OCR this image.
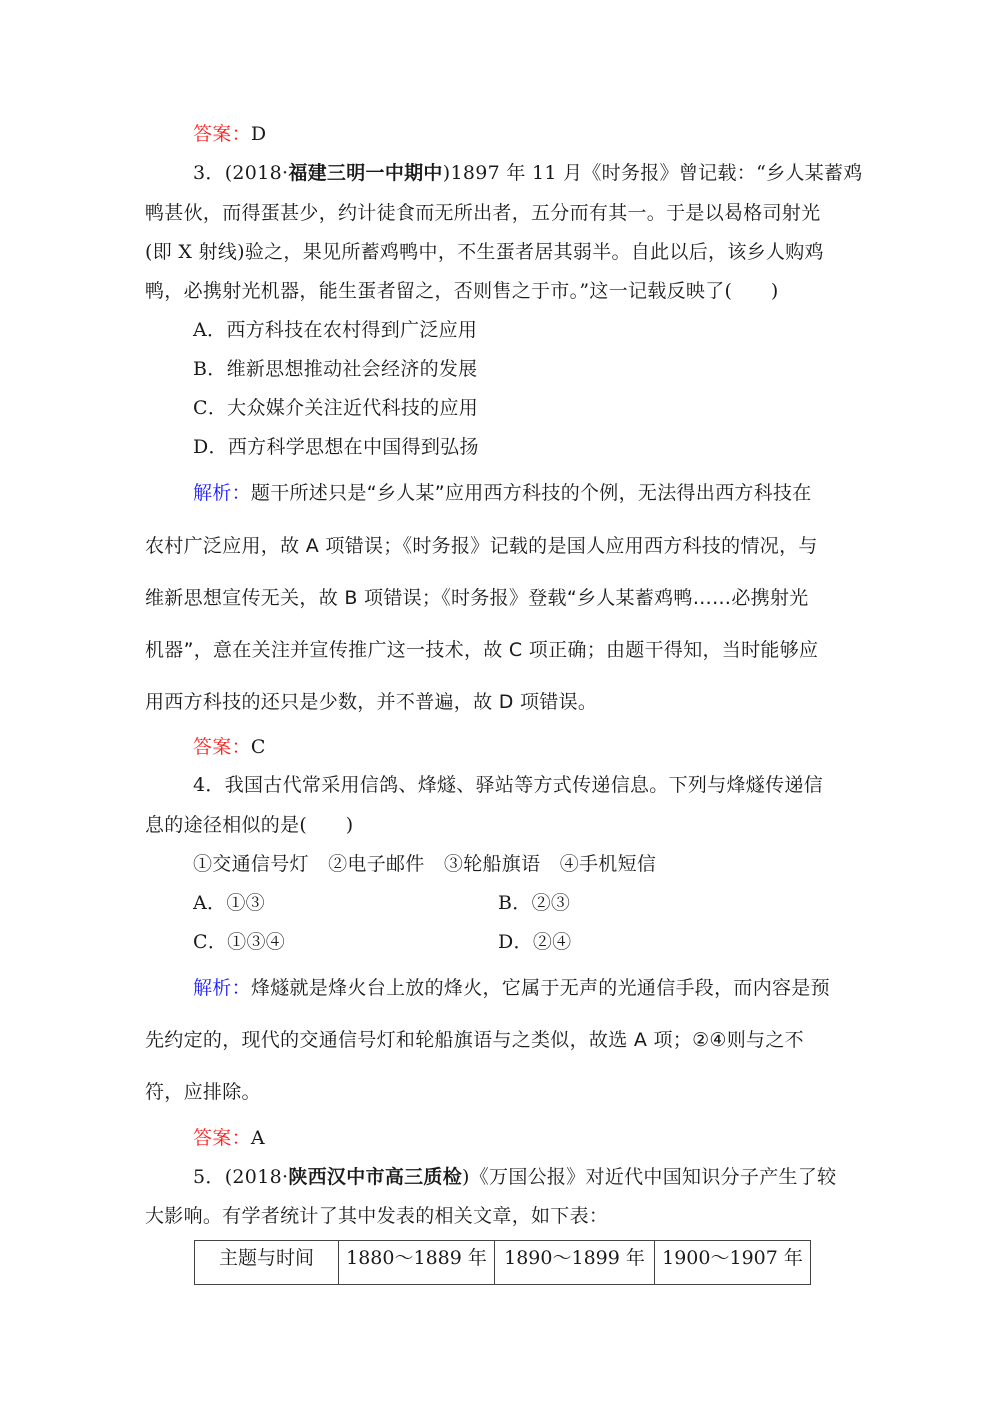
答案：D
3．(2018·福建三明一中期中)1897 年 11 月《时务报》曾记载：“乡人某蓄鸡
鸭甚伙，而得蛋甚少，约计徒食而无所出者，五分而有其一。于是以曷格司射光
(即 X 射线)验之，果见所蓄鸡鸭中，不生蛋者居其弱半。自此以后，该乡人购鸡
鸭，必携射光机器，能生蛋者留之，否则售之于市。”这一记载反映了(　　)
A．西方科技在农村得到广泛应用
B．维新思想推动社会经济的发展
C．大众媒介关注近代科技的应用
D．西方科学思想在中国得到弘扬
解析：题干所述只是“乡人某”应用西方科技的个例，无法得出西方科技在
农村广泛应用，故 A 项错误；《时务报》记载的是国人应用西方科技的情况，与
维新思想宣传无关，故 B 项错误；《时务报》登载“乡人某蓄鸡鸭……必携射光
机器”，意在关注并宣传推广这一技术，故 C 项正确；由题干得知，当时能够应
用西方科技的还只是少数，并不普遍，故 D 项错误。
答案：C
4．我国古代常采用信鸽、烽燧、驿站等方式传递信息。下列与烽燧传递信
息的途径相似的是(　　)
①交通信号灯　②电子邮件　③轮船旗语　④手机短信
A．①③	B．②③
C．①③④	D．②④
解析：烽燧就是烽火台上放的烽火，它属于无声的光通信手段，而内容是预
先约定的，现代的交通信号灯和轮船旗语与之类似，故选 A 项；②④则与之不
符，应排除。
答案：A
5．(2018·陕西汉中市高三质检)《万国公报》对近代中国知识分子产生了较
大影响。有学者统计了其中发表的相关文章，如下表：
主题与时间	1880～1889 年	1890～1899 年	1900～1907 年
